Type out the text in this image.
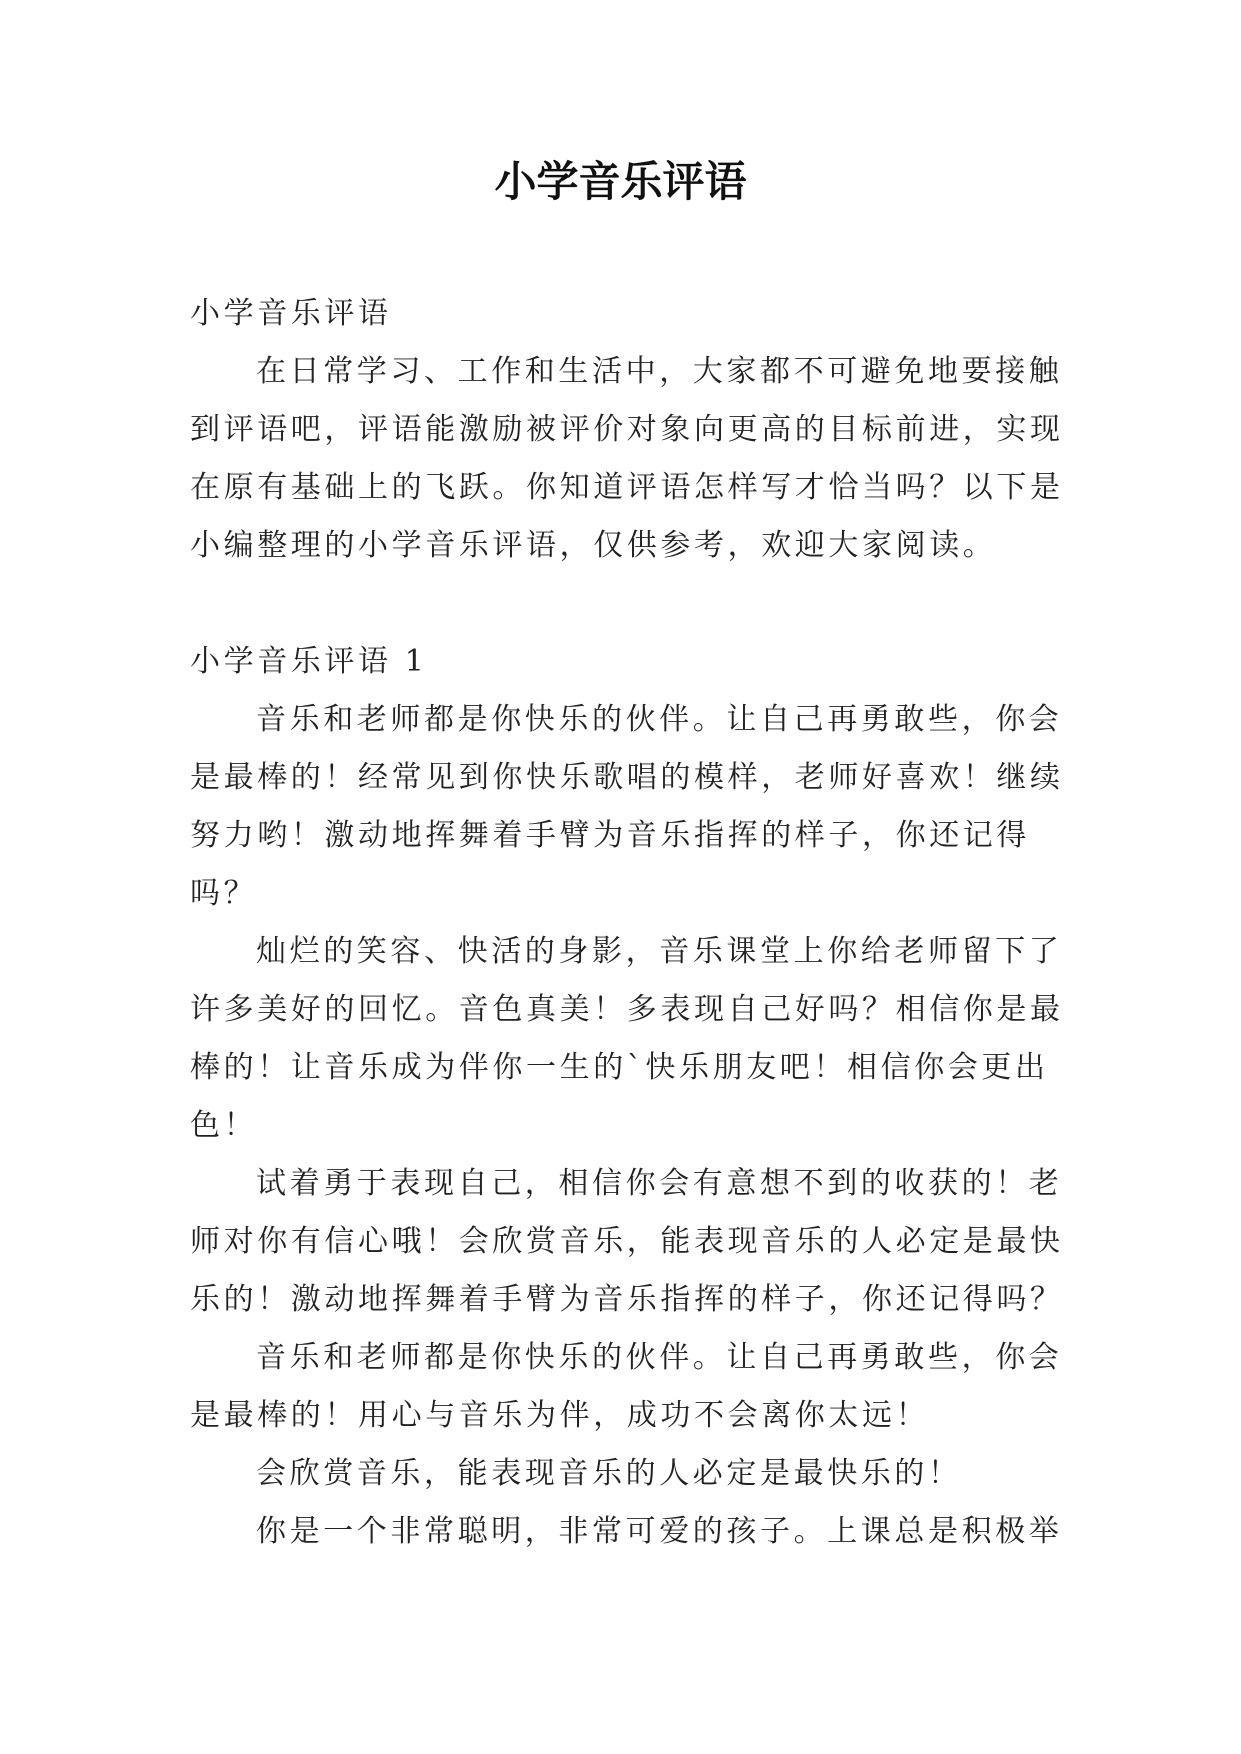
小学音乐评语

小学音乐评语

在日常学习、工作和生活中，大家都不可避免地要接触

到评语吧，评语能激励被评价对象向更高的目标前进，实现

在原有基础上的飞跃。你知道评语怎样写才恰当吗？以下是

小编整理的小学音乐评语，仅供参考，欢迎大家阅读。

小学音乐评语 1

音乐和老师都是你快乐的伙伴。让自己再勇敢些，你会

是最棒的！经常见到你快乐歌唱的模样，老师好喜欢！继续

努力哟！激动地挥舞着手臂为音乐指挥的样子，你还记得

吗？

灿烂的笑容、快活的身影，音乐课堂上你给老师留下了

许多美好的回忆。音色真美！多表现自己好吗？相信你是最

棒的！让音乐成为伴你一生的`快乐朋友吧！相信你会更出

色！

试着勇于表现自己，相信你会有意想不到的收获的！老

师对你有信心哦！会欣赏音乐，能表现音乐的人必定是最快

乐的！激动地挥舞着手臂为音乐指挥的样子，你还记得吗？

音乐和老师都是你快乐的伙伴。让自己再勇敢些，你会

是最棒的！用心与音乐为伴，成功不会离你太远！

会欣赏音乐，能表现音乐的人必定是最快乐的！

你是一个非常聪明，非常可爱的孩子。上课总是积极举
